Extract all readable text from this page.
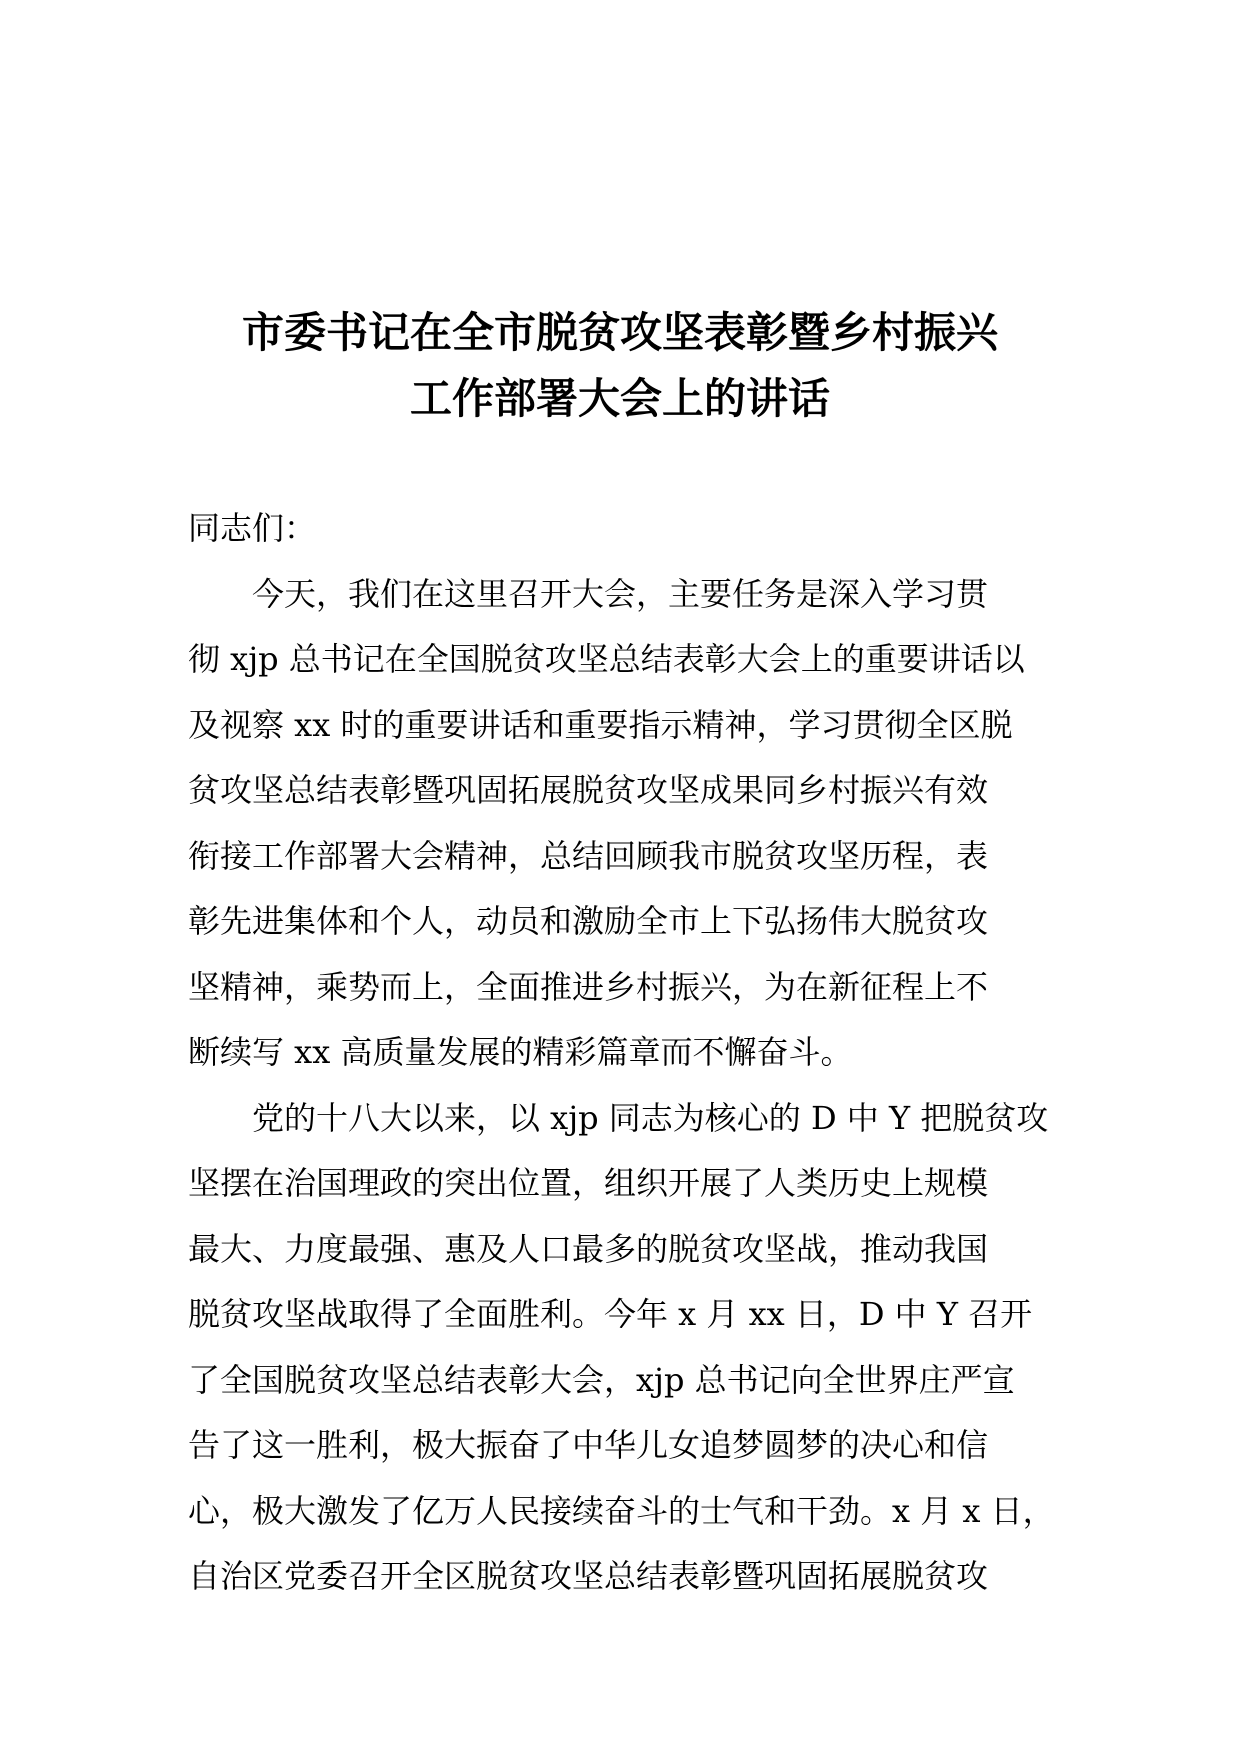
市委书记在全市脱贫攻坚表彰暨乡村振兴
工作部署大会上的讲话
同志们：
今天，我们在这里召开大会，主要任务是深入学习贯
彻 xjp 总书记在全国脱贫攻坚总结表彰大会上的重要讲话以
及视察 xx 时的重要讲话和重要指示精神，学习贯彻全区脱
贫攻坚总结表彰暨巩固拓展脱贫攻坚成果同乡村振兴有效
衔接工作部署大会精神，总结回顾我市脱贫攻坚历程，表
彰先进集体和个人，动员和激励全市上下弘扬伟大脱贫攻
坚精神，乘势而上，全面推进乡村振兴，为在新征程上不
断续写 xx 高质量发展的精彩篇章而不懈奋斗。
党的十八大以来，以 xjp 同志为核心的 D 中 Y 把脱贫攻
坚摆在治国理政的突出位置，组织开展了人类历史上规模
最大、力度最强、惠及人口最多的脱贫攻坚战，推动我国
脱贫攻坚战取得了全面胜利。今年 x 月 xx 日，D 中 Y 召开
了全国脱贫攻坚总结表彰大会，xjp 总书记向全世界庄严宣
告了这一胜利，极大振奋了中华儿女追梦圆梦的决心和信
心，极大激发了亿万人民接续奋斗的士气和干劲。x 月 x 日，
自治区党委召开全区脱贫攻坚总结表彰暨巩固拓展脱贫攻
